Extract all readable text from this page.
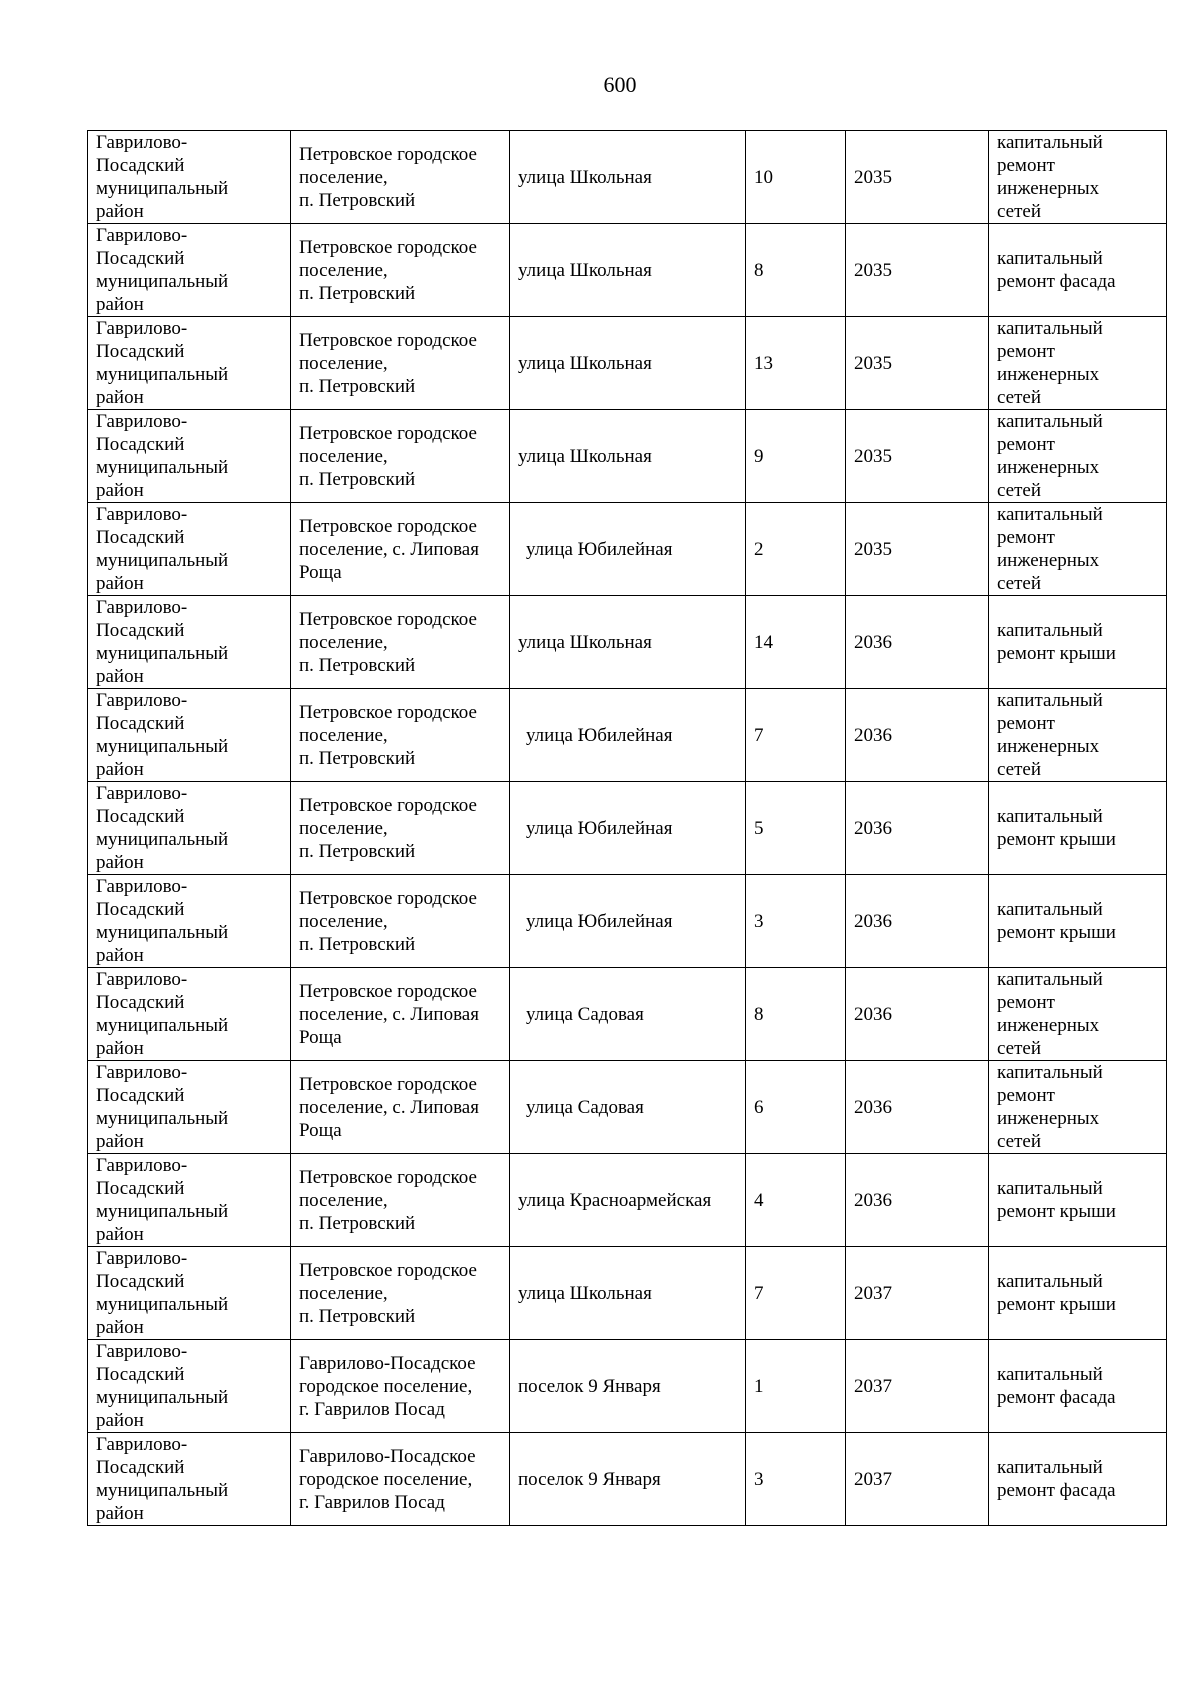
600
Гаврилово-
Посадский
муниципальный
район	Петровское городское
поселение,
п. Петровский	улица Школьная	10	2035	капитальный
ремонт
инженерных
сетей

Гаврилово-
Посадский
муниципальный
район	Петровское городское
поселение,
п. Петровский	улица Школьная	8	2035	капитальный
ремонт фасада

Гаврилово-
Посадский
муниципальный
район	Петровское городское
поселение,
п. Петровский	улица Школьная	13	2035	капитальный
ремонт
инженерных
сетей

Гаврилово-
Посадский
муниципальный
район	Петровское городское
поселение,
п. Петровский	улица Школьная	9	2035	капитальный
ремонт
инженерных
сетей

Гаврилово-
Посадский
муниципальный
район	Петровское городское
поселение, с. Липовая
Роща	улица Юбилейная	2	2035	капитальный
ремонт
инженерных
сетей

Гаврилово-
Посадский
муниципальный
район	Петровское городское
поселение,
п. Петровский	улица Школьная	14	2036	капитальный
ремонт крыши

Гаврилово-
Посадский
муниципальный
район	Петровское городское
поселение,
п. Петровский	улица Юбилейная	7	2036	капитальный
ремонт
инженерных
сетей

Гаврилово-
Посадский
муниципальный
район	Петровское городское
поселение,
п. Петровский	улица Юбилейная	5	2036	капитальный
ремонт крыши

Гаврилово-
Посадский
муниципальный
район	Петровское городское
поселение,
п. Петровский	улица Юбилейная	3	2036	капитальный
ремонт крыши

Гаврилово-
Посадский
муниципальный
район	Петровское городское
поселение, с. Липовая
Роща	улица Садовая	8	2036	капитальный
ремонт
инженерных
сетей

Гаврилово-
Посадский
муниципальный
район	Петровское городское
поселение, с. Липовая
Роща	улица Садовая	6	2036	капитальный
ремонт
инженерных
сетей

Гаврилово-
Посадский
муниципальный
район	Петровское городское
поселение,
п. Петровский	улица Красноармейская	4	2036	капитальный
ремонт крыши

Гаврилово-
Посадский
муниципальный
район	Петровское городское
поселение,
п. Петровский	улица Школьная	7	2037	капитальный
ремонт крыши

Гаврилово-
Посадский
муниципальный
район	Гаврилово-Посадское
городское поселение,
г. Гаврилов Посад	поселок 9 Января	1	2037	капитальный
ремонт фасада

Гаврилово-
Посадский
муниципальный
район	Гаврилово-Посадское
городское поселение,
г. Гаврилов Посад	поселок 9 Января	3	2037	капитальный
ремонт фасада
